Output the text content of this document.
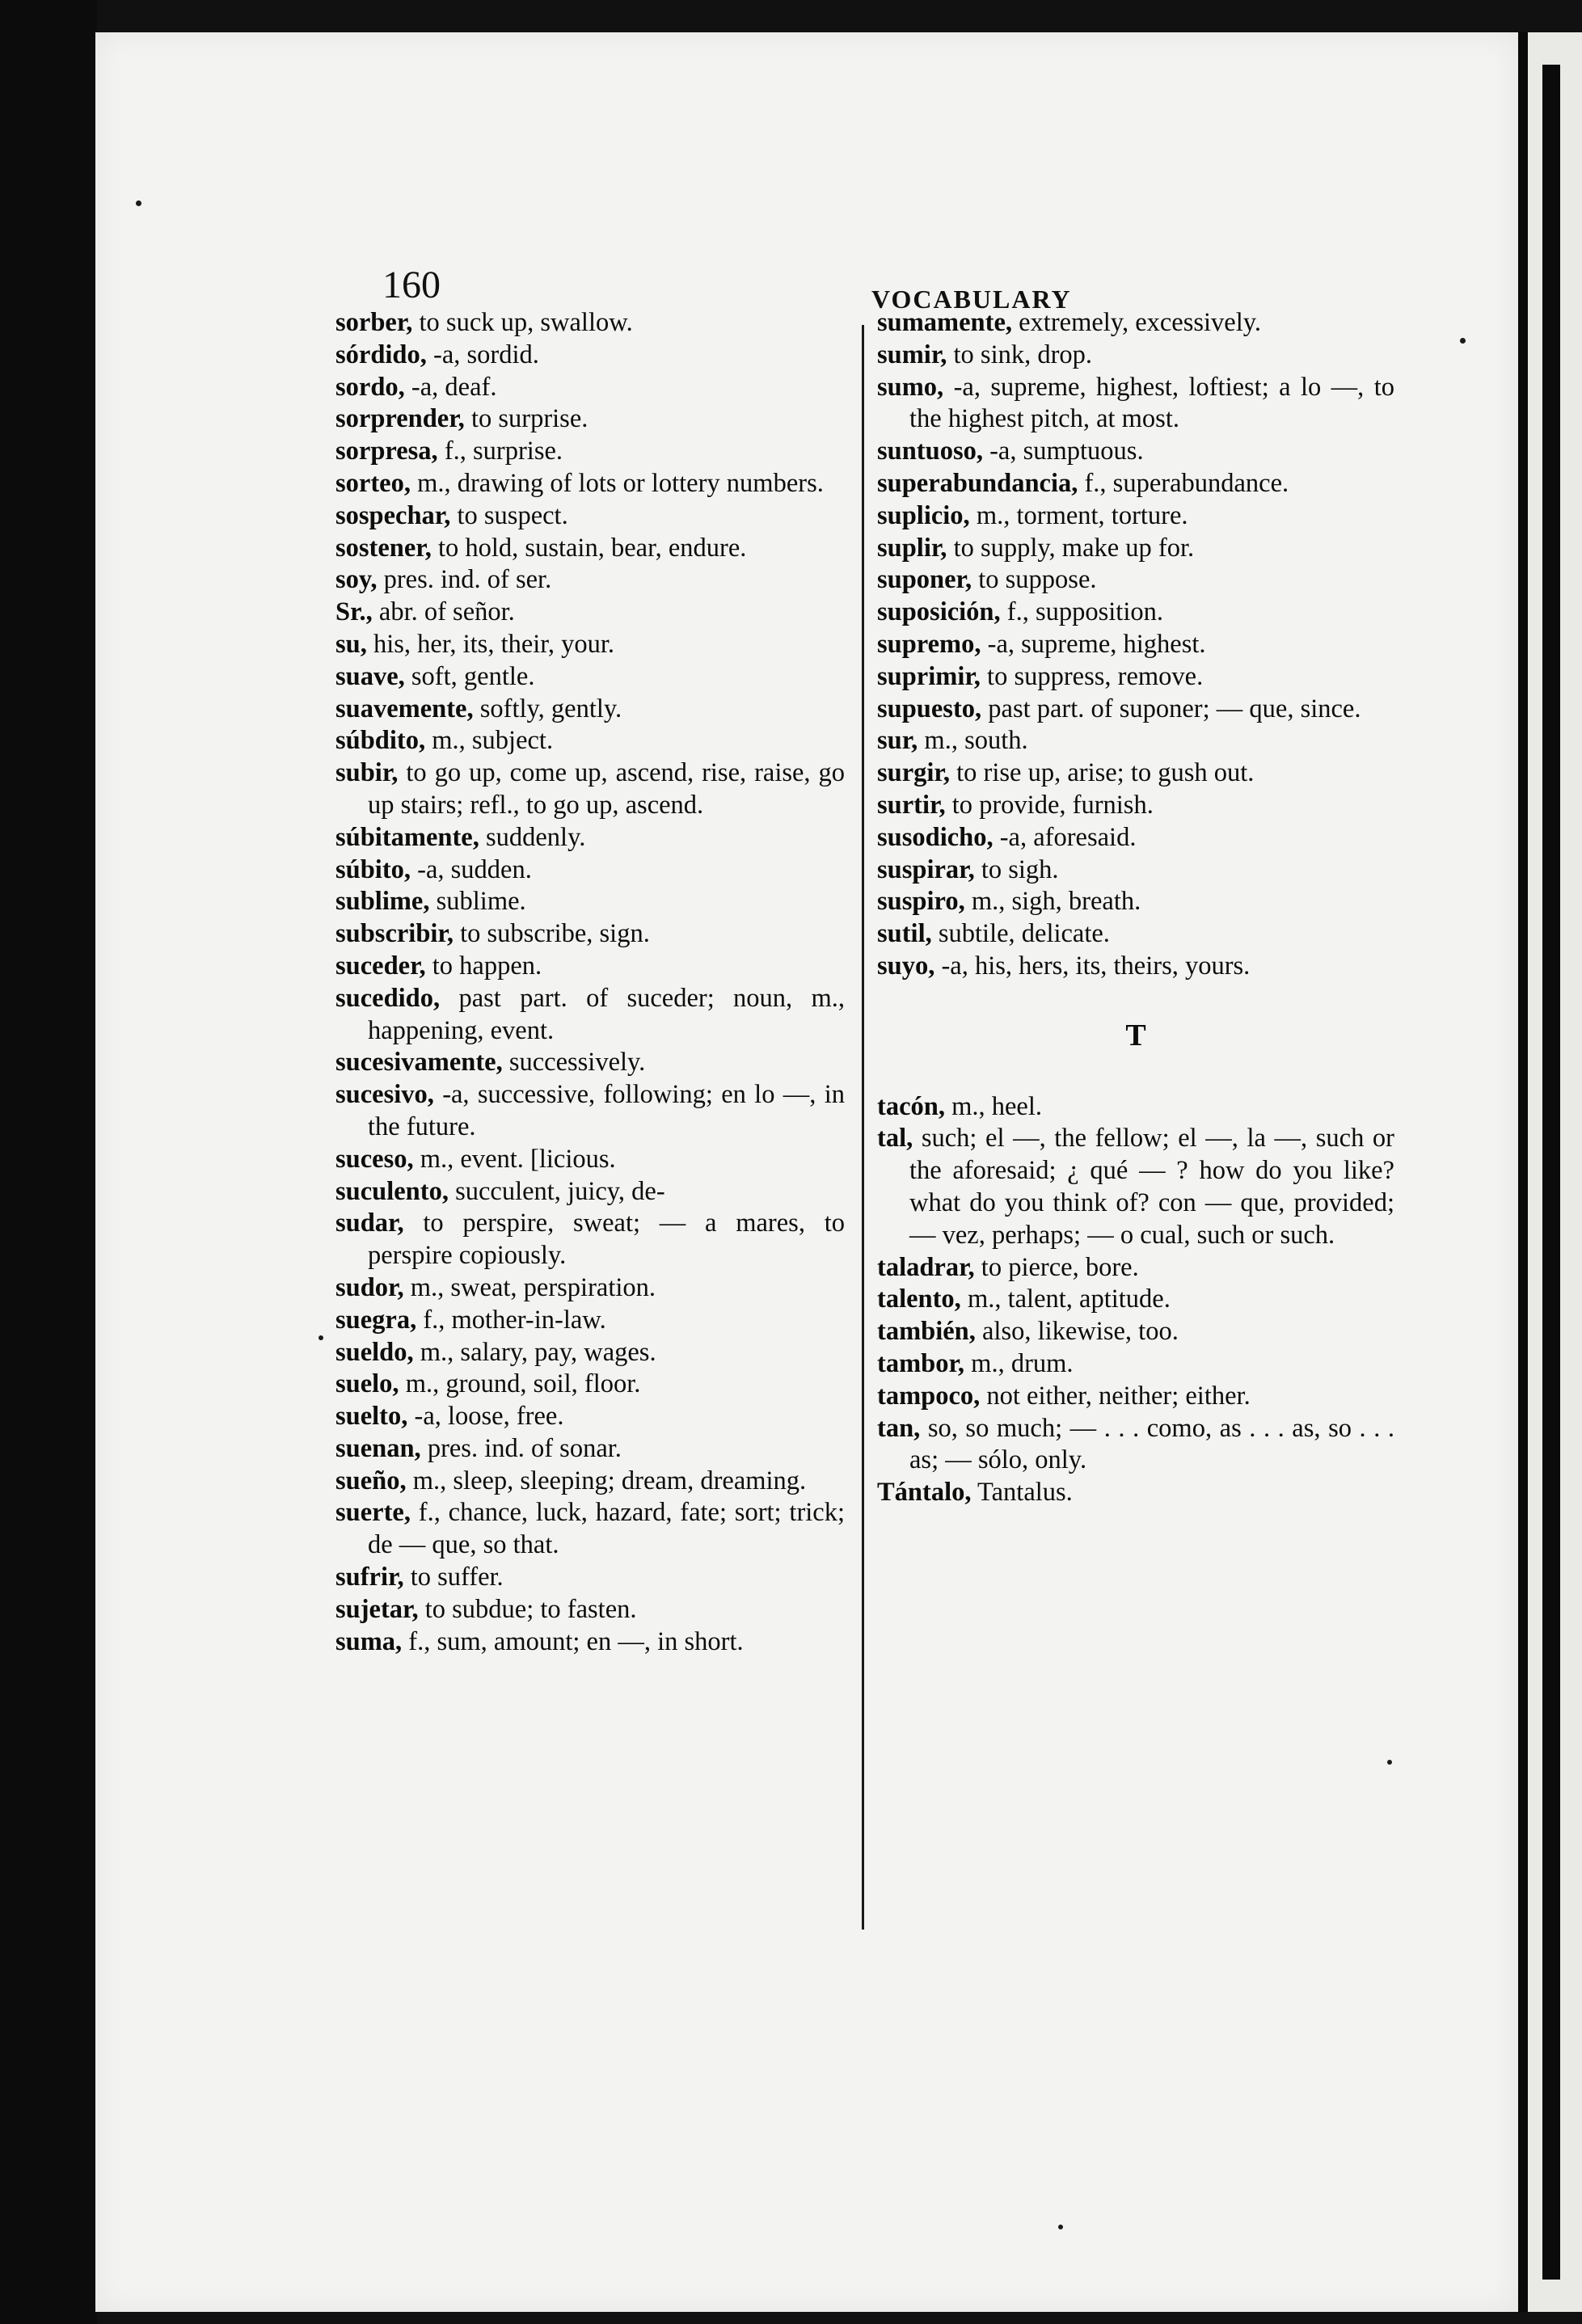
160	VOCABULARY
sorber, to suck up, swallow.
sórdido, -a, sordid.
sordo, -a, deaf.
sorprender, to surprise.
sorpresa, f., surprise.
sorteo, m., drawing of lots or lottery numbers.
sospechar, to suspect.
sostener, to hold, sustain, bear, endure.
soy, pres. ind. of ser.
Sr., abr. of señor.
su, his, her, its, their, your.
suave, soft, gentle.
suavemente, softly, gently.
súbdito, m., subject.
subir, to go up, come up, ascend, rise, raise, go up stairs; refl., to go up, ascend.
súbitamente, suddenly.
súbito, -a, sudden.
sublime, sublime.
subscribir, to subscribe, sign.
suceder, to happen.
sucedido, past part. of suceder; noun, m., happening, event.
sucesivamente, successively.
sucesivo, -a, successive, following; en lo —, in the future.
suceso, m., event. [licious.
suculento, succulent, juicy, de-
sudar, to perspire, sweat; — a mares, to perspire copiously.
sudor, m., sweat, perspiration.
suegra, f., mother-in-law.
sueldo, m., salary, pay, wages.
suelo, m., ground, soil, floor.
suelto, -a, loose, free.
suenan, pres. ind. of sonar.
sueño, m., sleep, sleeping; dream, dreaming.
suerte, f., chance, luck, hazard, fate; sort; trick; de — que, so that.
sufrir, to suffer.
sujetar, to subdue; to fasten.
suma, f., sum, amount; en —, in short.
sumamente, extremely, excessively.
sumir, to sink, drop.
sumo, -a, supreme, highest, loftiest; a lo —, to the highest pitch, at most.
suntuoso, -a, sumptuous.
superabundancia, f., superabundance.
suplicio, m., torment, torture.
suplir, to supply, make up for.
suponer, to suppose.
suposición, f., supposition.
supremo, -a, supreme, highest.
suprimir, to suppress, remove.
supuesto, past part. of suponer; — que, since.
sur, m., south.
surgir, to rise up, arise; to gush out.
surtir, to provide, furnish.
susodicho, -a, aforesaid.
suspirar, to sigh.
suspiro, m., sigh, breath.
sutil, subtile, delicate.
suyo, -a, his, hers, its, theirs, yours.
T
tacón, m., heel.
tal, such; el —, the fellow; el —, la —, such or the aforesaid; ¿ qué — ? how do you like? what do you think of? con — que, provided; — vez, perhaps; — o cual, such or such.
taladrar, to pierce, bore.
talento, m., talent, aptitude.
también, also, likewise, too.
tambor, m., drum.
tampoco, not either, neither; either.
tan, so, so much; — . . . como, as . . . as, so . . . as; — sólo, only.
Tántalo, Tantalus.
